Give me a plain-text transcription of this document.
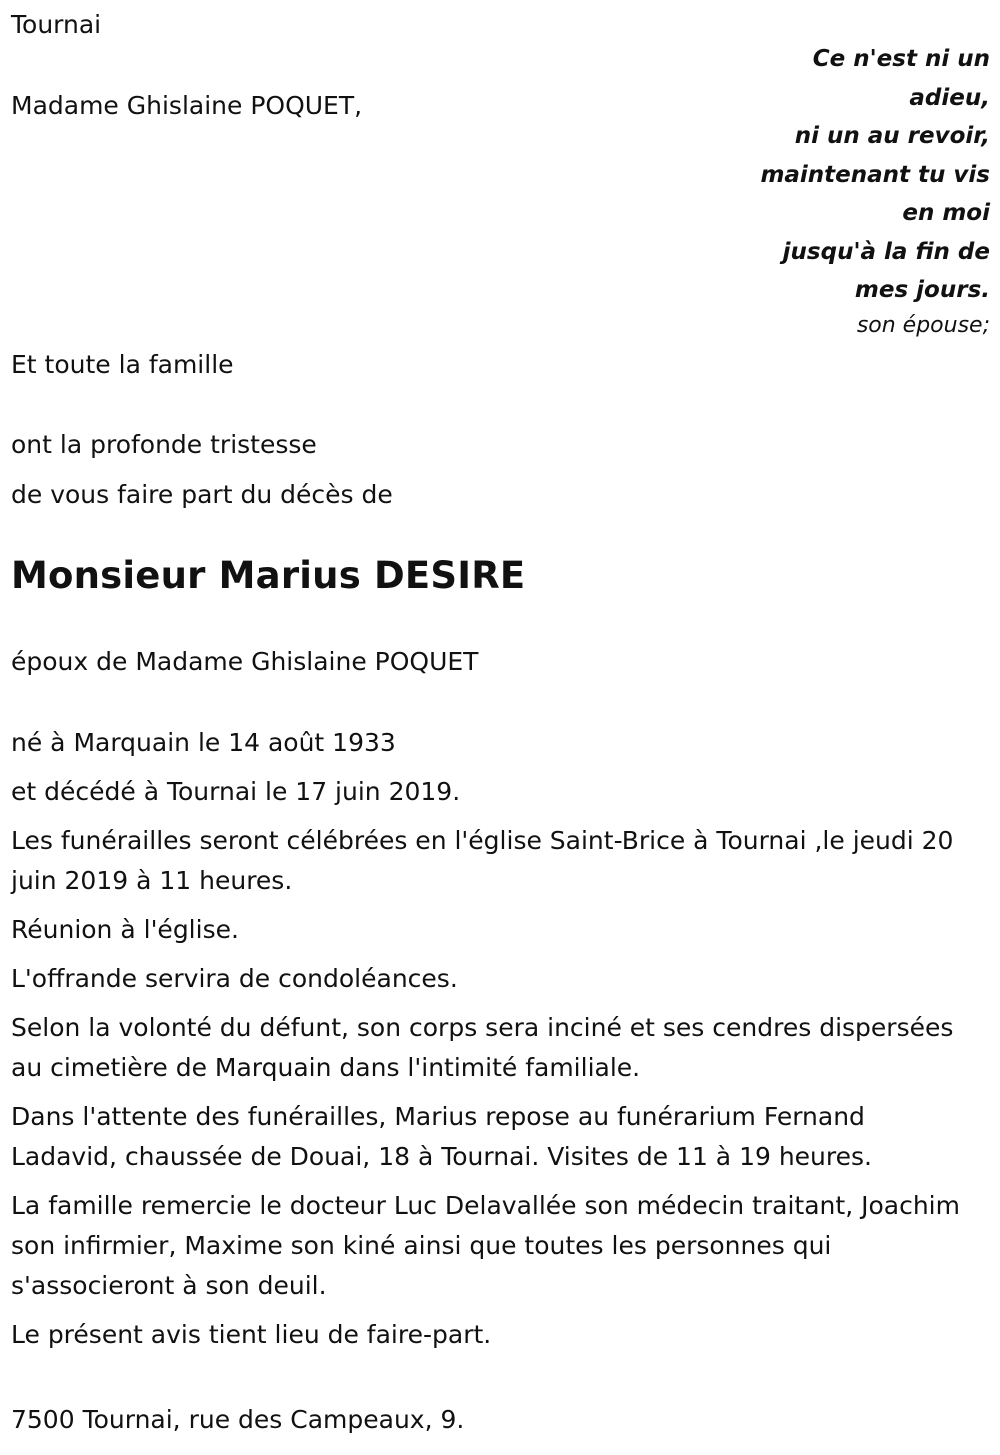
Tournai

Madame Ghislaine POQUET,

Et toute la famille

ont la profonde tristesse

de vous faire part du décès de

Monsieur Marius DESIRE

époux de Madame Ghislaine POQUET

né à Marquain le 14 août 1933

et décédé à Tournai le 17 juin 2019.

Les funérailles seront célébrées en l'église Saint-Brice à Tournai ,le jeudi 20 juin 2019 à 11 heures.

Réunion à l'église.

L'offrande servira de condoléances.

Selon la volonté du défunt, son corps sera inciné et ses cendres dispersées au cimetière de Marquain dans l'intimité familiale.

Dans l'attente des funérailles, Marius repose au funérarium Fernand Ladavid, chaussée de Douai, 18 à Tournai. Visites de 11 à 19 heures.

La famille remercie le docteur Luc Delavallée son médecin traitant, Joachim son infirmier, Maxime son kiné ainsi que toutes les personnes qui s'associeront à son deuil.

Le présent avis tient lieu de faire-part.

7500 Tournai, rue des Campeaux, 9.

Ce n'est ni un
adieu,
ni un au revoir,
maintenant tu vis
en moi
jusqu'à la fin de
mes jours.
son épouse;
